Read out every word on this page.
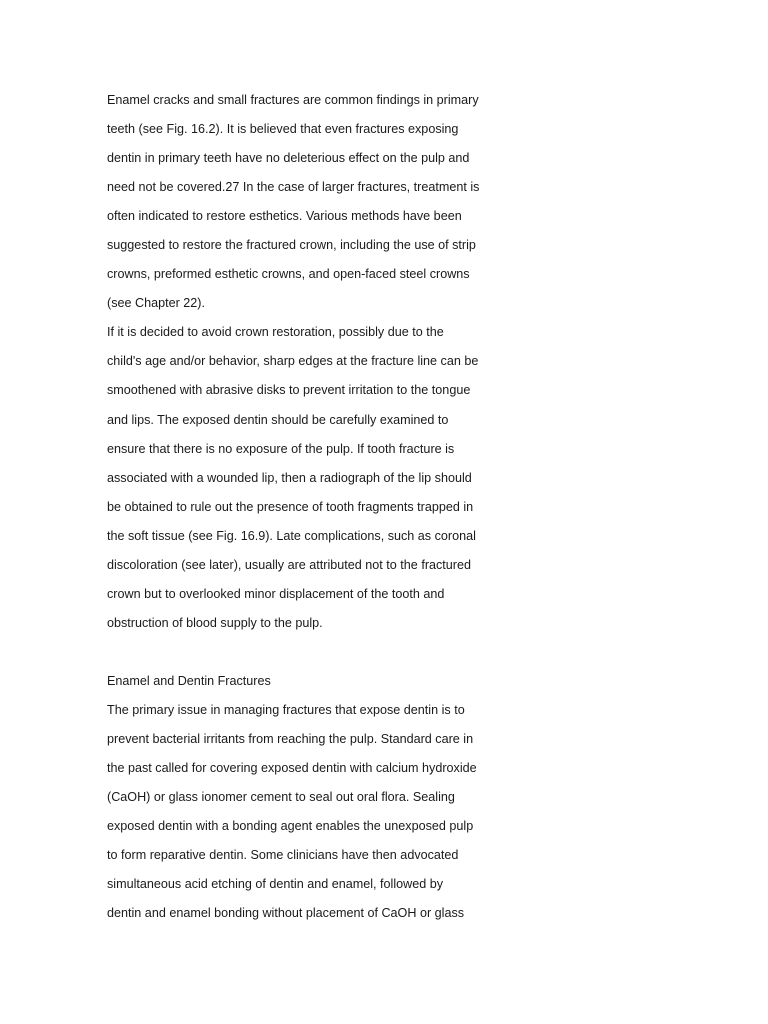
Enamel cracks and small fractures are common findings in primary
teeth (see Fig. 16.2). It is believed that even fractures exposing
dentin in primary teeth have no deleterious effect on the pulp and
need not be covered.27 In the case of larger fractures, treatment is
often indicated to restore esthetics. Various methods have been
suggested to restore the fractured crown, including the use of strip
crowns, preformed esthetic crowns, and open-faced steel crowns
(see Chapter 22).
If it is decided to avoid crown restoration, possibly due to the
child's age and/or behavior, sharp edges at the fracture line can be
smoothened with abrasive disks to prevent irritation to the tongue
and lips. The exposed dentin should be carefully examined to
ensure that there is no exposure of the pulp. If tooth fracture is
associated with a wounded lip, then a radiograph of the lip should
be obtained to rule out the presence of tooth fragments trapped in
the soft tissue (see Fig. 16.9). Late complications, such as coronal
discoloration (see later), usually are attributed not to the fractured
crown but to overlooked minor displacement of the tooth and
obstruction of blood supply to the pulp.
Enamel and Dentin Fractures
The primary issue in managing fractures that expose dentin is to
prevent bacterial irritants from reaching the pulp. Standard care in
the past called for covering exposed dentin with calcium hydroxide
(CaOH) or glass ionomer cement to seal out oral flora. Sealing
exposed dentin with a bonding agent enables the unexposed pulp
to form reparative dentin. Some clinicians have then advocated
simultaneous acid etching of dentin and enamel, followed by
dentin and enamel bonding without placement of CaOH or glass
